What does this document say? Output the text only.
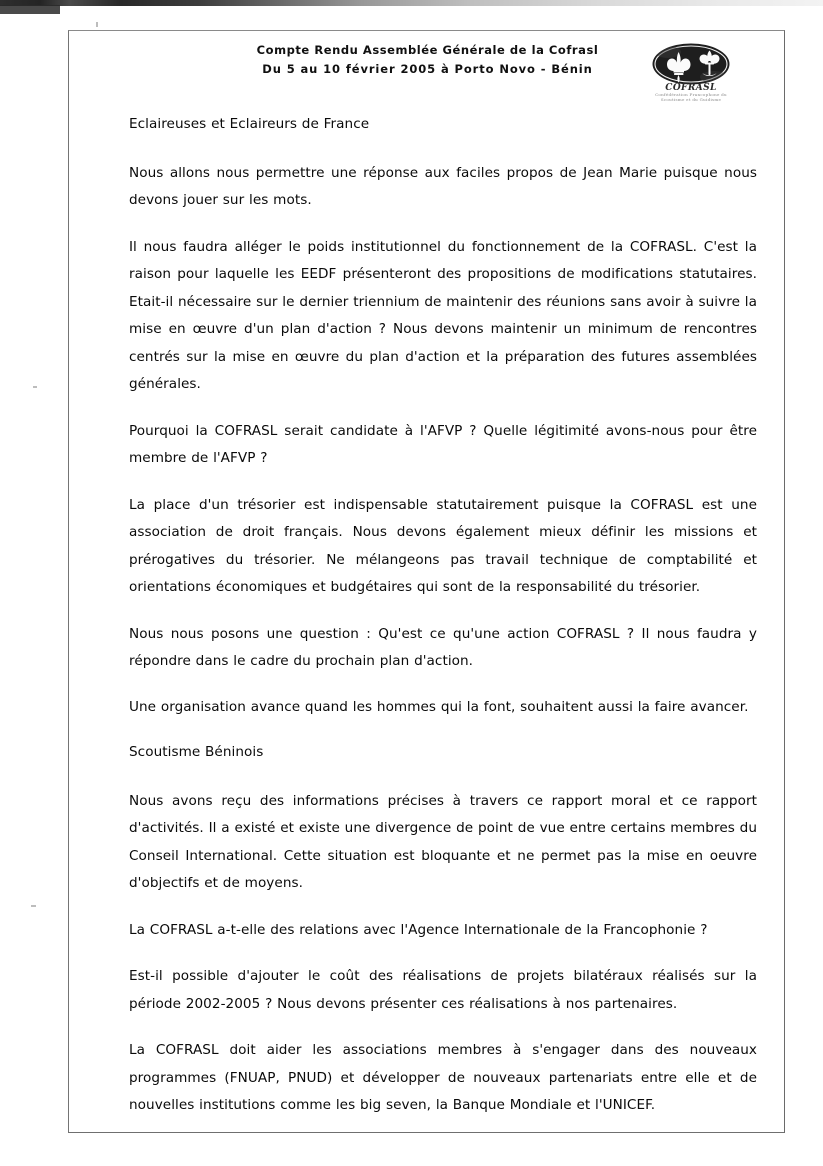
Compte Rendu Assemblée Générale de la Cofrasl
Du 5 au 10 février 2005 à Porto Novo - Bénin
COFRASL
Confédération Francophone du Scoutisme et du Guidisme

Eclaireuses et Eclaireurs de France

Nous allons nous permettre une réponse aux faciles propos de Jean Marie puisque nous devons jouer sur les mots.

Il nous faudra alléger le poids institutionnel du fonctionnement de la COFRASL. C'est la raison pour laquelle les EEDF présenteront des propositions de modifications statutaires. Etait-il nécessaire sur le dernier triennium de maintenir des réunions sans avoir à suivre la mise en œuvre d'un plan d'action ? Nous devons maintenir un minimum de rencontres centrés sur la mise en œuvre du plan d'action et la préparation des futures assemblées générales.

Pourquoi la COFRASL serait candidate à l'AFVP ? Quelle légitimité avons-nous pour être membre de l'AFVP ?

La place d'un trésorier est indispensable statutairement puisque la COFRASL est une association de droit français. Nous devons également mieux définir les missions et prérogatives du trésorier. Ne mélangeons pas travail technique de comptabilité et orientations économiques et budgétaires qui sont de la responsabilité du trésorier.

Nous nous posons une question : Qu'est ce qu'une action COFRASL ? Il nous faudra y répondre dans le cadre du prochain plan d'action.

Une organisation avance quand les hommes qui la font, souhaitent aussi la faire avancer.

Scoutisme Béninois

Nous avons reçu des informations précises à travers ce rapport moral et ce rapport d'activités. Il a existé et existe une divergence de point de vue entre certains membres du Conseil International. Cette situation est bloquante et ne permet pas la mise en oeuvre d'objectifs et de moyens.

La COFRASL a-t-elle des relations avec l'Agence Internationale de la Francophonie ?

Est-il possible d'ajouter le coût des réalisations de projets bilatéraux réalisés sur la période 2002-2005 ? Nous devons présenter ces réalisations à nos partenaires.

La COFRASL doit aider les associations membres à s'engager dans des nouveaux programmes (FNUAP, PNUD) et développer de nouveaux partenariats entre elle et de nouvelles institutions comme les big seven, la Banque Mondiale et l'UNICEF.
